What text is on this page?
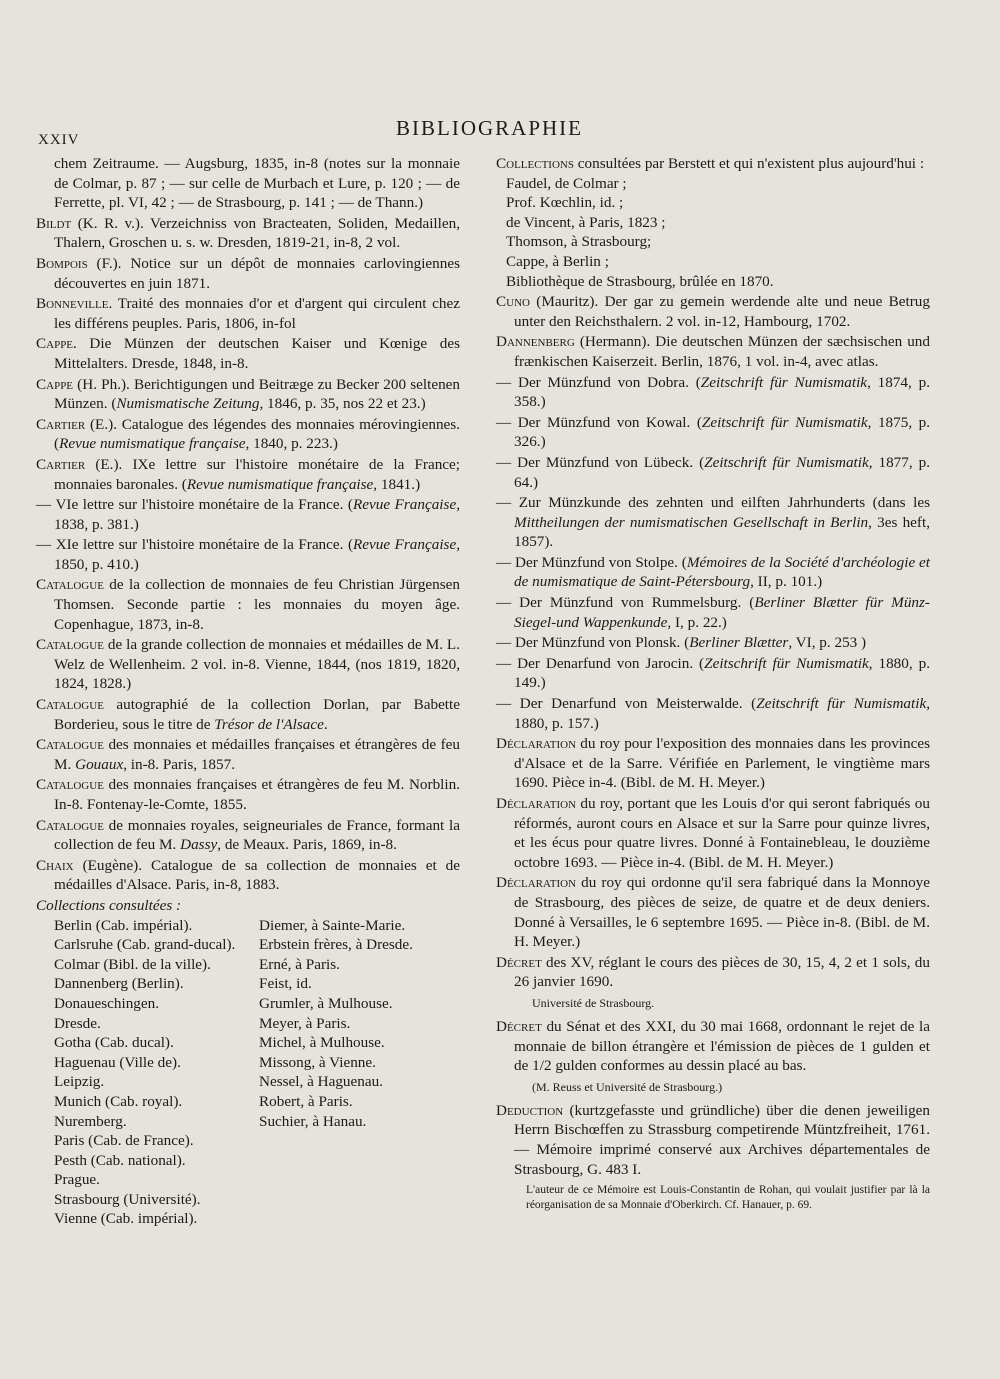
XXIV	BIBLIOGRAPHIE

chem Zeitraume. — Augsburg, 1835, in-8 (notes sur la monnaie de Colmar, p. 87 ; — sur celle de Murbach et Lure, p. 120 ; — de Ferrette, pl. VI, 42 ; — de Strasbourg, p. 141 ; — de Thann.)

Bildt (K. R. v.). Verzeichniss von Bracteaten, Soliden, Medaillen, Thalern, Groschen u. s. w. Dresden, 1819-21, in-8, 2 vol.

Bompois (F.). Notice sur un dépôt de monnaies carlovingiennes découvertes en juin 1871.

Bonneville. Traité des monnaies d'or et d'argent qui circulent chez les différens peuples. Paris, 1806, in-fol

Cappe. Die Münzen der deutschen Kaiser und Kœnige des Mittelalters. Dresde, 1848, in-8.

Cappe (H. Ph.). Berichtigungen und Beitræge zu Becker 200 seltenen Münzen. (Numismatische Zeitung, 1846, p. 35, nos 22 et 23.)

Cartier (E.). Catalogue des légendes des monnaies mérovingiennes. (Revue numismatique française, 1840, p. 223.)

Cartier (E.). IXe lettre sur l'histoire monétaire de la France; monnaies baronales. (Revue numismatique française, 1841.)

— VIe lettre sur l'histoire monétaire de la France. (Revue Française, 1838, p. 381.)

— XIe lettre sur l'histoire monétaire de la France. (Revue Française, 1850, p. 410.)

Catalogue de la collection de monnaies de feu Christian Jürgensen Thomsen. Seconde partie : les monnaies du moyen âge. Copenhague, 1873, in-8.

Catalogue de la grande collection de monnaies et médailles de M. L. Welz de Wellenheim. 2 vol. in-8. Vienne, 1844, (nos 1819, 1820, 1824, 1828.)

Catalogue autographié de la collection Dorlan, par Babette Borderieu, sous le titre de Trésor de l'Alsace.

Catalogue des monnaies et médailles françaises et étrangères de feu M. Gouaux, in-8. Paris, 1857.

Catalogue des monnaies françaises et étrangères de feu M. Norblin. In-8. Fontenay-le-Comte, 1855.

Catalogue de monnaies royales, seigneuriales de France, formant la collection de feu M. Dassy, de Meaux. Paris, 1869, in-8.

Chaix (Eugène). Catalogue de sa collection de monnaies et de médailles d'Alsace. Paris, in-8, 1883.

Collections consultées :
Berlin (Cab. impérial).
Carlsruhe (Cab. grand-ducal).
Colmar (Bibl. de la ville).
Dannenberg (Berlin).
Donaueschingen.
Dresde.
Gotha (Cab. ducal).
Haguenau (Ville de).
Leipzig.
Munich (Cab. royal).
Nuremberg.
Paris (Cab. de France).
Pesth (Cab. national).
Prague.
Strasbourg (Université).
Vienne (Cab. impérial).
Diemer, à Sainte-Marie.
Erbstein frères, à Dresde.
Erné, à Paris.
Feist, id.
Grumler, à Mulhouse.
Meyer, à Paris.
Michel, à Mulhouse.
Missong, à Vienne.
Nessel, à Haguenau.
Robert, à Paris.
Suchier, à Hanau.
Collections consultées par Berstett et qui n'existent plus aujourd'hui :
Faudel, de Colmar ;
Prof. Kœchlin, id. ;
de Vincent, à Paris, 1823 ;
Thomson, à Strasbourg;
Cappe, à Berlin ;
Bibliothèque de Strasbourg, brûlée en 1870.

Cuno (Mauritz). Der gar zu gemein werdende alte und neue Betrug unter den Reichsthalern. 2 vol. in-12, Hambourg, 1702.

Dannenberg (Hermann). Die deutschen Münzen der sæchsischen und frænkischen Kaiserzeit. Berlin, 1876, 1 vol. in-4, avec atlas.

— Der Münzfund von Dobra. (Zeitschrift für Numismatik, 1874, p. 358.)

— Der Münzfund von Kowal. (Zeitschrift für Numismatik, 1875, p. 326.)

— Der Münzfund von Lübeck. (Zeitschrift für Numismatik, 1877, p. 64.)

— Zur Münzkunde des zehnten und eilften Jahrhunderts (dans les Mittheilungen der numismatischen Gesellschaft in Berlin, 3es heft, 1857).

— Der Münzfund von Stolpe. (Mémoires de la Société d'archéologie et de numismatique de Saint-Pétersbourg, II, p. 101.)

— Der Münzfund von Rummelsburg. (Berliner Blætter für Münz-Siegel-und Wappenkunde, I, p. 22.)

— Der Münzfund von Plonsk. (Berliner Blætter, VI, p. 253 )

— Der Denarfund von Jarocin. (Zeitschrift für Numismatik, 1880, p. 149.)

— Der Denarfund von Meisterwalde. (Zeitschrift für Numismatik, 1880, p. 157.)

Déclaration du roy pour l'exposition des monnaies dans les provinces d'Alsace et de la Sarre. Vérifiée en Parlement, le vingtième mars 1690. Pièce in-4. (Bibl. de M. H. Meyer.)

Déclaration du roy, portant que les Louis d'or qui seront fabriqués ou réformés, auront cours en Alsace et sur la Sarre pour quinze livres, et les écus pour quatre livres. Donné à Fontainebleau, le douzième octobre 1693. — Pièce in-4. (Bibl. de M. H. Meyer.)

Déclaration du roy qui ordonne qu'il sera fabriqué dans la Monnoye de Strasbourg, des pièces de seize, de quatre et de deux deniers. Donné à Versailles, le 6 septembre 1695. — Pièce in-8. (Bibl. de M. H. Meyer.)

Décret des XV, réglant le cours des pièces de 30, 15, 4, 2 et 1 sols, du 26 janvier 1690.

Université de Strasbourg.

Décret du Sénat et des XXI, du 30 mai 1668, ordonnant le rejet de la monnaie de billon étrangère et l'émission de pièces de 1 gulden et de 1/2 gulden conformes au dessin placé au bas.

(M. Reuss et Université de Strasbourg.)

Deduction (kurtzgefasste und gründliche) über die denen jeweiligen Herrn Bischœffen zu Strassburg competirende Müntzfreiheit, 1761. — Mémoire imprimé conservé aux Archives départementales de Strasbourg, G. 483 I.

L'auteur de ce Mémoire est Louis-Constantin de Rohan, qui voulait justifier par là la réorganisation de sa Monnaie d'Oberkirch. Cf. Hanauer, p. 69.
